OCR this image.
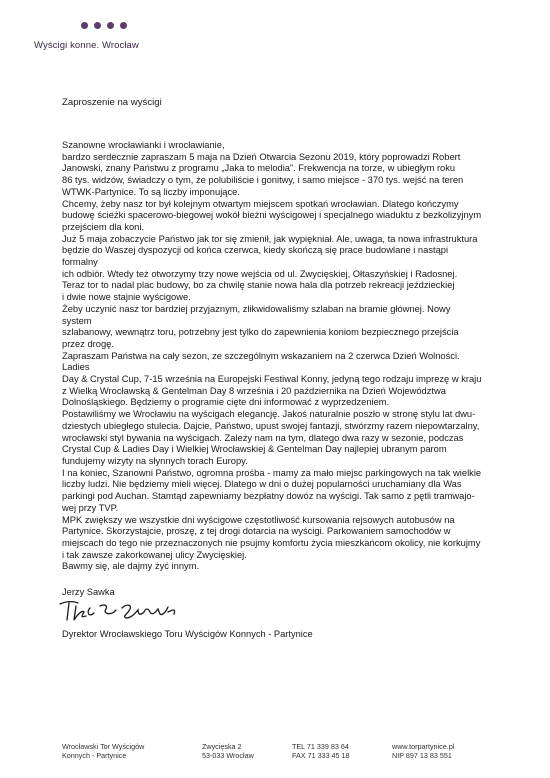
Wyścigi konne. Wrocław
Zaproszenie na wyścigi
Szanowne wrocławianki i wrocławianie,
bardzo serdecznie zapraszam 5 maja na Dzień Otwarcia Sezonu 2019, który poprowadzi Robert
Janowski, znany Państwu z programu „Jaka to melodia”. Frekwencja na torze, w ubiegłym roku
86 tys. widzów, świadczy o tym, że polubiliście i gonitwy, i samo miejsce - 370 tys. wejść na teren
WTWK-Partynice. To są liczby imponujące.
Chcemy, żeby nasz tor był kolejnym otwartym miejscem spotkań wrocławian. Dlatego kończymy
budowę ścieżki spacerowo-biegowej wokół bieżni wyścigowej i specjalnego wiaduktu z bezkolizyjnym
przejściem dla koni.
Już 5 maja zobaczycie Państwo jak tor się zmienił, jak wypiękniał. Ale, uwaga, ta nowa infrastruktura
będzie do Waszej dyspozycji od końca czerwca, kiedy skończą się prace budowlane i nastąpi formalny
ich odbiór. Wtedy też otworzymy trzy nowe wejścia od ul. Zwycięskiej, Ołtaszyńskiej i Radosnej.
Teraz tor to nadal plac budowy, bo za chwilę stanie nowa hala dla potrzeb rekreacji jeździeckiej
i dwie nowe stajnie wyścigowe.
Żeby uczynić nasz tor bardziej przyjaznym, zlikwidowaliśmy szlaban na bramie głównej. Nowy system
szlabanowy, wewnątrz toru, potrzebny jest tylko do zapewnienia koniom bezpiecznego przejścia
przez drogę.
Zapraszam Państwa na cały sezon, ze szczególnym wskazaniem na 2 czerwca Dzień Wolności. Ladies
Day & Crystal Cup, 7-15 września na Europejski Festiwal Konny, jedyną tego rodzaju imprezę w kraju
z Wielką Wrocławską & Gentelman Day 8 września i 20 października na Dzień Województwa
Dolnośląskiego. Będziemy o programie cięte dni informować z wyprzedzeniem.
Postawiliśmy we Wrocławiu na wyścigach elegancję. Jakoś naturalnie poszło w stronę stylu lat dwu-
dziestych ubiegłego stulecia. Dajcie, Państwo, upust swojej fantazji, stwórzmy razem niepowtarzalny,
wrocławski styl bywania na wyścigach. Zależy nam na tym, dlatego dwa razy w sezonie, podczas
Crystal Cup & Ladies Day i Wielkiej Wrocławskiej & Gentelman Day najlepiej ubranym parom
fundujemy wizyty na słynnych torach Europy.
I na koniec, Szanowni Państwo, ogromna prośba - mamy za mało miejsc parkingowych na tak wielkie
liczby ludzi. Nie będziemy mieli więcej. Dlatego w dni o dużej popularności uruchamiany dla Was
parkingi pod Auchan. Stamtąd zapewniamy bezpłatny dowóz na wyścigi. Tak samo z pętli tramwajo-
wej przy TVP.
MPK zwiększy we wszystkie dni wyścigowe częstotliwość kursowania rejsowych autobusów na
Partynice. Skorzystajcie, proszę, z tej drogi dotarcia na wyścigi. Parkowaniem samochodów w
miejscach do tego nie przeznaczonych nie psujmy komfortu życia mieszkańcom okolicy, nie korkujmy
i tak zawsze zakorkowanej ulicy Zwycięskiej.
Bawmy się, ale dajmy żyć innym.
Jerzy Sawka
Dyrektor Wrocławskiego Toru Wyścigów Konnych - Partynice
Wrocławski Tor Wyścigów
Konnych - Partynice
Zwycięska 2
53-033 Wrocław
TEL 71 339 83 64
FAX 71 333 45 18
www.torpartynice.pl
NIP 897 13 83 551
